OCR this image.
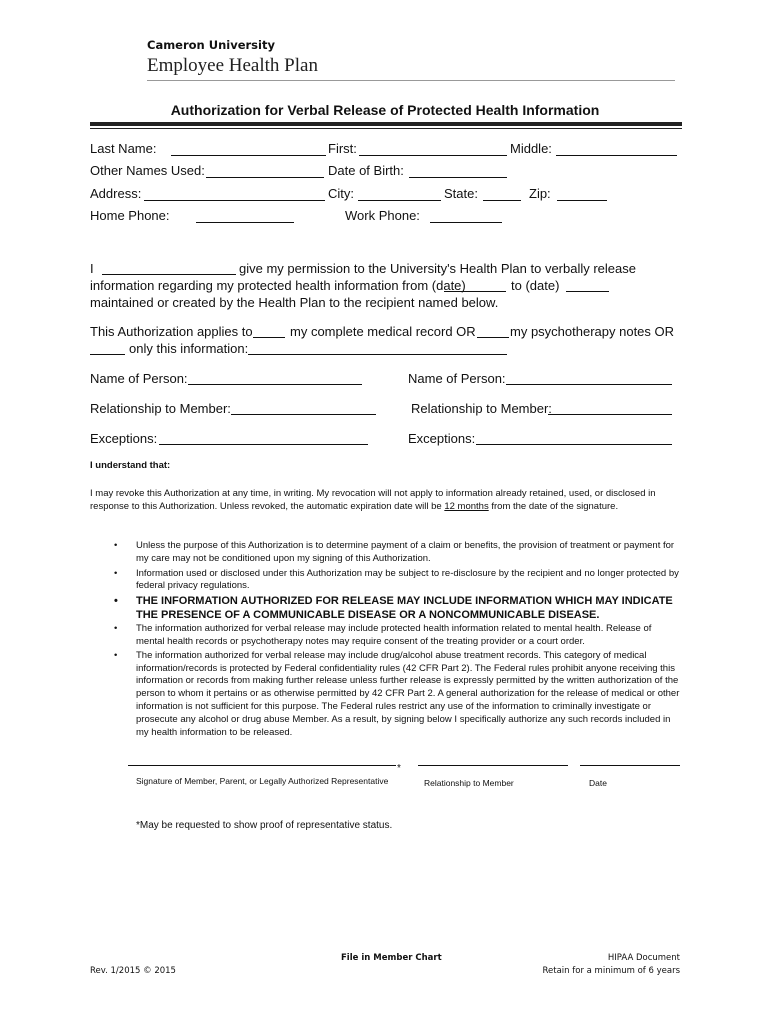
Cameron University
Employee Health Plan
Authorization for Verbal Release of Protected Health Information
Last Name:	First:	Middle:
Other Names Used:	Date of Birth:
Address:	City:	State:	Zip:
Home Phone:	Work Phone:
I	give my permission to the University's Health Plan to verbally release
information regarding my protected health information from (date)	to (date)
maintained or created by the Health Plan to the recipient named below.
This Authorization applies to	my complete medical record OR	my psychotherapy notes OR
only this information:
Name of Person:	Name of Person:
Relationship to Member:	Relationship to Member:
Exceptions:	Exceptions:
I understand that:
I may revoke this Authorization at any time, in writing. My revocation will not apply to information already retained, used, or disclosed in response to this Authorization. Unless revoked, the automatic expiration date will be 12 months from the date of the signature.
• Unless the purpose of this Authorization is to determine payment of a claim or benefits, the provision of treatment or payment for my care may not be conditioned upon my signing of this Authorization.
• Information used or disclosed under this Authorization may be subject to re-disclosure by the recipient and no longer protected by federal privacy regulations.
• THE INFORMATION AUTHORIZED FOR RELEASE MAY INCLUDE INFORMATION WHICH MAY INDICATE THE PRESENCE OF A COMMUNICABLE DISEASE OR A NONCOMMUNICABLE DISEASE.
• The information authorized for verbal release may include protected health information related to mental health. Release of mental health records or psychotherapy notes may require consent of the treating provider or a court order.
• The information authorized for verbal release may include drug/alcohol abuse treatment records. This category of medical information/records is protected by Federal confidentiality rules (42 CFR Part 2). The Federal rules prohibit anyone receiving this information or records from making further release unless further release is expressly permitted by the written authorization of the person to whom it pertains or as otherwise permitted by 42 CFR Part 2. A general authorization for the release of medical or other information is not sufficient for this purpose. The Federal rules restrict any use of the information to criminally investigate or prosecute any alcohol or drug abuse Member. As a result, by signing below I specifically authorize any such records included in my health information to be released.
*
Signature of Member, Parent, or Legally Authorized Representative	Relationship to Member	Date
*May be requested to show proof of representative status.
File in Member Chart
Rev. 1/2015 © 2015
HIPAA Document
Retain for a minimum of 6 years
